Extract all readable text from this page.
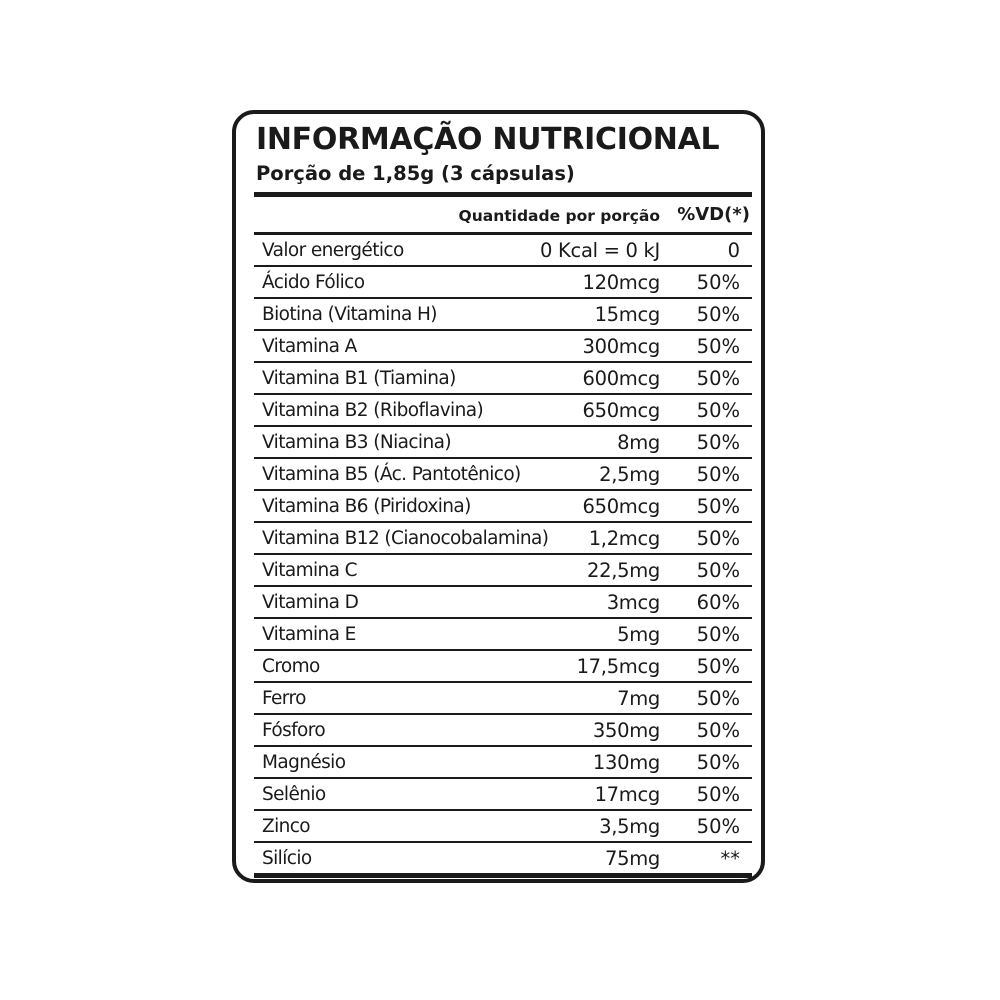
INFORMAÇÃO NUTRICIONAL
Porção de 1,85g (3 cápsulas)
Quantidade por porção %VD(*)
Valor energético	0 Kcal = 0 kJ	0
Ácido Fólico	120mcg 50%
Biotina (Vitamina H)	15mcg 50%
Vitamina A	300mcg 50%
Vitamina B1 (Tiamina)	600mcg 50%
Vitamina B2 (Riboflavina)	650mcg 50%
Vitamina B3 (Niacina)	8mg 50%
Vitamina B5 (Ác. Pantotênico)	2,5mg 50%
Vitamina B6 (Piridoxina)	650mcg 50%
Vitamina B12 (Cianocobalamina) 1,2mcg 50%
Vitamina C	22,5mg 50%
Vitamina D	3mcg 60%
Vitamina E	5mg 50%
Cromo	17,5mcg 50%
Ferro	7mg 50%
Fósforo	350mg 50%
Magnésio	130mg 50%
Selênio	17mcg 50%
Zinco	3,5mg 50%
Silício	75mg	**
